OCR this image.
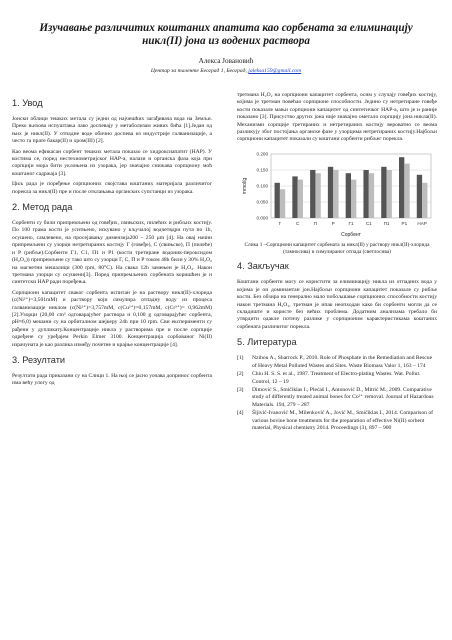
Изучавање различитих коштаних апатита као сорбената за елиминацију никл(II) јона из водених раствора
Алекса Јовановић
Центар за таленте Београд 1, Београд, jaleksa159@gmail.com
1. Увод

Јонски облици тешких метала су једни од најчешћих загађивача вода на Земљи. Преко њихова испуштања лако доспевају у метаболизам живих бића [1].Један од њих је никл(II). У отпадне воде обично доспева из индустрије галванизације, а често га прате бакар(II) и хром(III) [2].

Као веома ефикасан сорбент тешких метала показао се хидроксиапатит (HAP). У костима се, поред нестехиометријског HAP-а, налази и органска фаза која при сорпцији мора бити уклоњена из узорака, јер значајно снижава сорпциону моћ коштаног садржаја [3].

Циљ рада је поређење сорпционих својстава коштаних материјала различитог порекла за никл(II) пре и после отклањања органских супстанци из узорака.

2. Метод рада

Сорбенти су били припремљени од говеђих, свињских, пилећих и рибљих костију. По 100 грама кости је уситњено, искувано у кључалој водчетвдри пута по 1h, осушено, самлевено, на просејавању димензија200 – 250 μm [4]. На овај начин припремљени су узорци нетретираних костију Г (говеђе), С (свињске), П (пилеће) и Р (рибље).Сорбенти Г1, С1, П1 и Р1 (кости третиране водоник-пероксидом (H₂O₂)) припремљене су тако што су узорци Г, С, П и Р током 48h били у 30% H₂O₂ на магнетни мешалици (300 rpm, 80°C). На свака 12h замењен је H₂O₂. Након третмана узорци су осушени[3]. Поред припремљених сорбената коришћен је и синтетски HAP ради поређења.

Сорпциони капацитет сваког сорбента испитан је на раствору никл(II)-хлорида (c(Ni²⁺)=3,501mM) и раствору који симулира отпадну воду из процеса галванизације никлом (c(Ni²⁺)=3,757mM, c(Cu²⁺)=0,157mM, c(Cr³⁺)= 0,962mM) [2].Узорци (20,00 cm³ одговарајућег раствора и 0,100 g одговарајућег сорбента, pH≈6,0) мешани су на орбиталном шејкеру 24h при 10 rpm. Сви експерименти су рађени у дупликату.Концентрације никла у растворима пре и после сорпције одређене су уређајем Perkin Elmer 3100. Концентрација сорбованог Ni(II) израчуната је као разлика између почетне и крајње концентрације [4].

3. Резултати

Резултати рада приказани су на Слици 1. На њој се јасно уочава допринос сорбента има већу улогу од

третмана H₂O₂ на сорпциони капацитет сорбента, осим у случају говеђих костију, којима је третман повећао сорпционе способности. Једино су нетретиране говеђе кости показале мањи сорпциони капацитет од синтетичког HAP-а, што је и раније показано [3]. Присуство других јона није значајно ометало сорпцију јона никла(II). Механизми сорпције третираних и нетретираних костију вероватно се веома разликују због постојања органске фазе у узорцима нетретираних костију.Најбољи сорпциони капацитет показали су коштани сорбенти рибљег порекла.

0.000
0.050
0.100
0.150
0.200
mmol/g
Г	С	П	Р	Г1	С1	П1	Р1 HAP
Сорбент
Слика 1 –Сорпциони капацитет сорбената за никл(II) у раствору никл(II)-хлорида (тамносива) и симулираног отпада (светлосива)
4. Закључак

Коштани сорбенти могу се користити за елиминацију никла из отпадних вода у којима је он доминантан јон.Најбољи сорпциони капацитет показале су рибље кости. Без обзира на генерално мало побољшање сорпционих способности костију након третмана H₂O₂, третман је ипак неопходан како би сорбенти могли да се складиште и користе без већих проблема. Додатним анализама требало би утврдити одакле потичу разлике у сорпционим карактеристикама коштаних сорбената различитог порекла.

5. Литература
[1]	Nzihou A., Sharrock P., 2010. Role of Phosphate in the Remediation and Rescue of Heavy Metal Polluted Wastes and Sites. Waste Biomass Valor 1, 163 – 174
[2]	Chiu H. S. S. et al., 1987. Treatment of Electro-plating Wastes. Wat. Pollut. Control, 12 – 19
[3]	Dimović S., Smičiklas I., Plećaš I., Antonović D., Mitrić M., 2009. Comparative study of differently treated animal bones for Co²⁺ removal. Journal of Hazardous Materials. 194, 279 – 287
[4]	Šljivić-Ivanović M., Milenković A., Jović M., Smičiklas I., 2014. Comparison of various bovine bone treatments for the preparation of effective Ni(II) sorbent material, Physical chemistry 2014. Proceedings (3), 897 – 900
